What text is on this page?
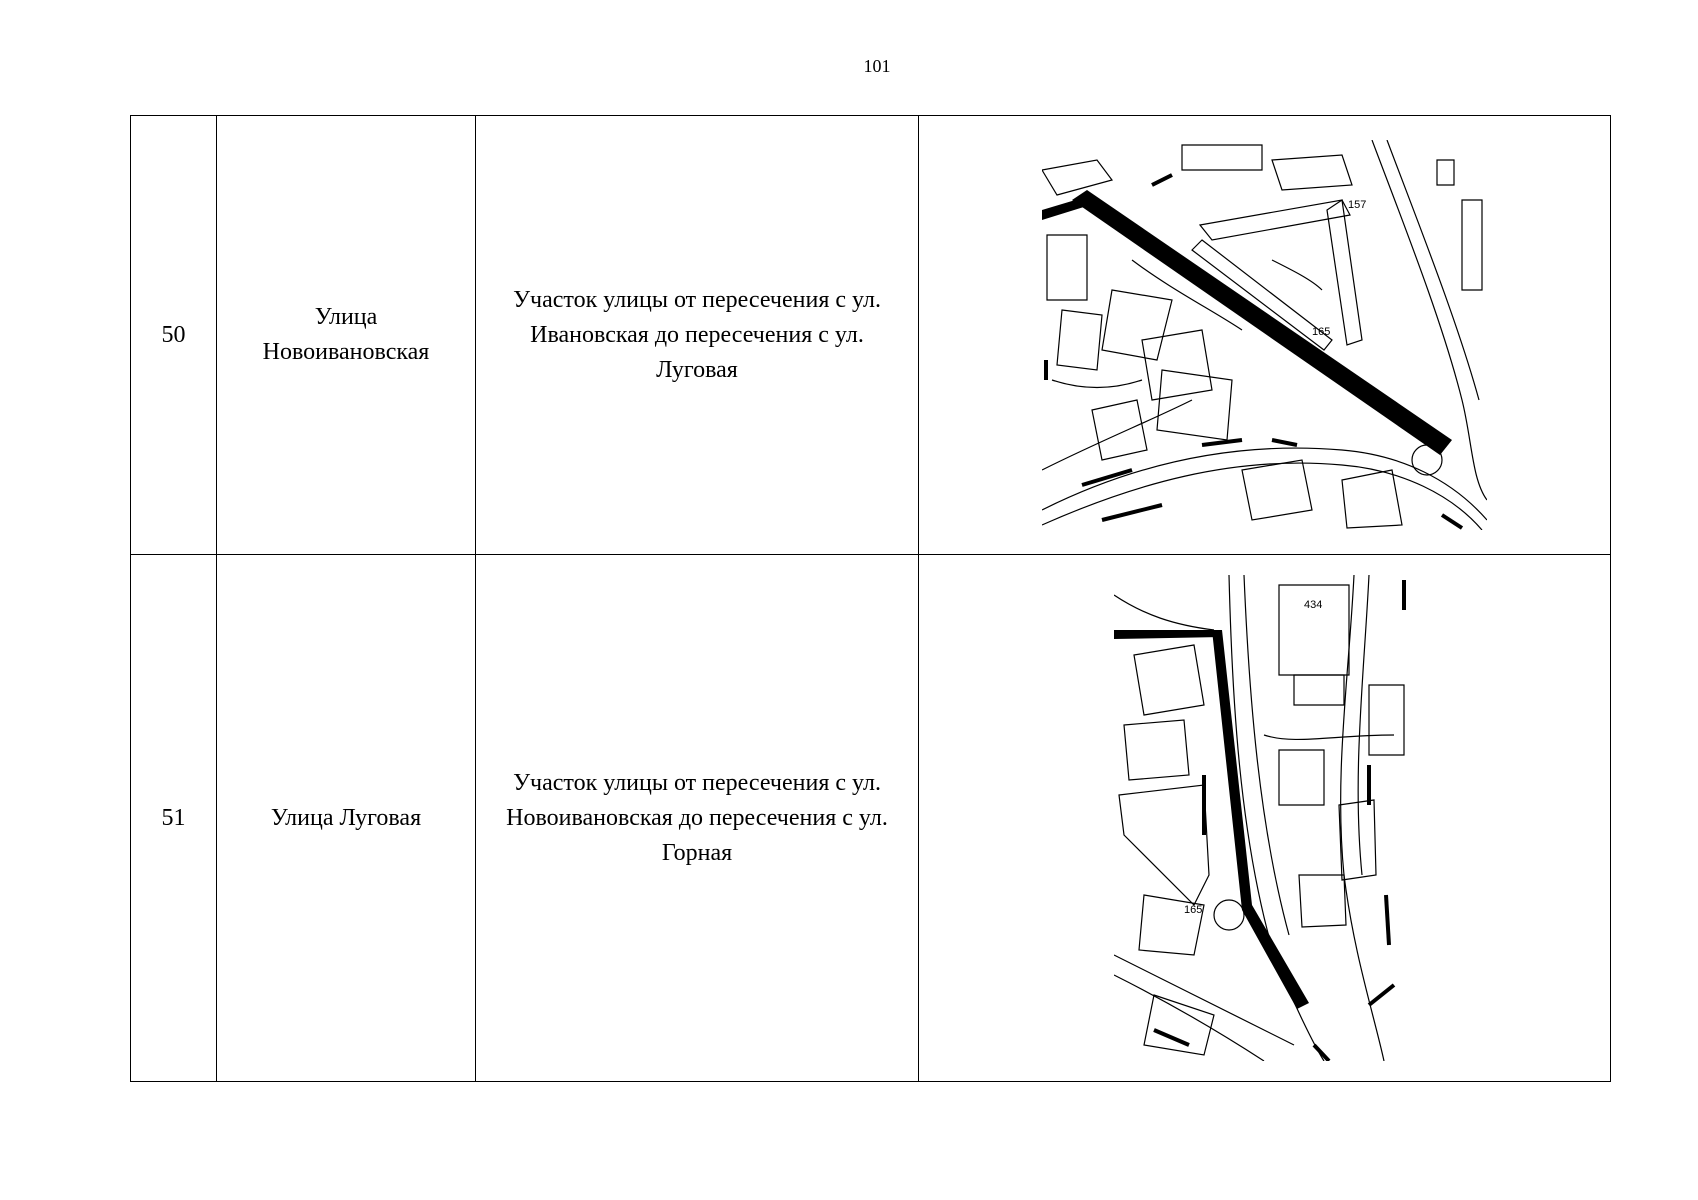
101
50	Улица Новоивановская	Участок улицы от пересечения с ул. Ивановская до пересечения с ул. Луговая	157
165

51	Улица Луговая	Участок улицы от пересечения с ул. Новоивановская до пересечения с ул. Горная	434
165
